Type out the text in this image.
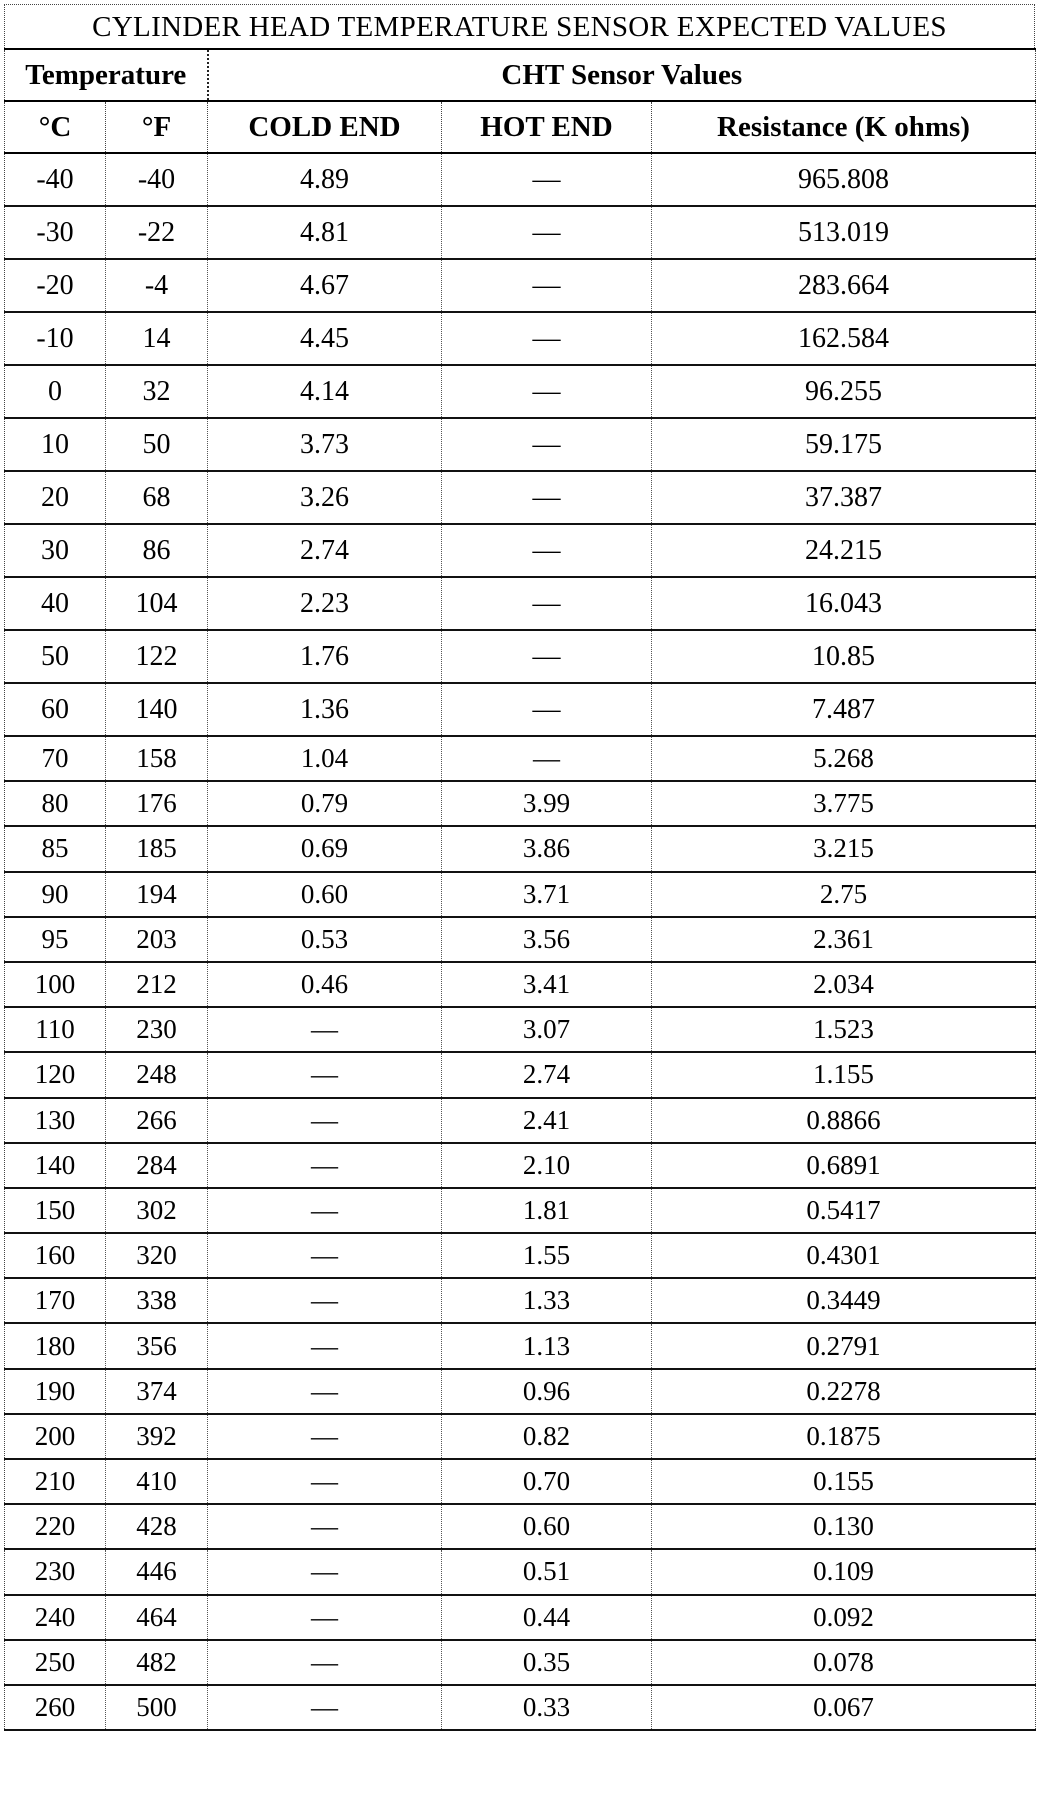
CYLINDER HEAD TEMPERATURE SENSOR EXPECTED VALUES
Temperature		CHT Sensor Values		
°C	°F	COLD END	HOT END	Resistance (K ohms)
-40	-40	4.89	—	965.808
-30	-22	4.81	—	513.019
-20	-4	4.67	—	283.664
-10	14	4.45	—	162.584
0	32	4.14	—	96.255
10	50	3.73	—	59.175
20	68	3.26	—	37.387
30	86	2.74	—	24.215
40	104	2.23	—	16.043
50	122	1.76	—	10.85
60	140	1.36	—	7.487
70	158	1.04	—	5.268
80	176	0.79	3.99	3.775
85	185	0.69	3.86	3.215
90	194	0.60	3.71	2.75
95	203	0.53	3.56	2.361
100	212	0.46	3.41	2.034
110	230	—	3.07	1.523
120	248	—	2.74	1.155
130	266	—	2.41	0.8866
140	284	—	2.10	0.6891
150	302	—	1.81	0.5417
160	320	—	1.55	0.4301
170	338	—	1.33	0.3449
180	356	—	1.13	0.2791
190	374	—	0.96	0.2278
200	392	—	0.82	0.1875
210	410	—	0.70	0.155
220	428	—	0.60	0.130
230	446	—	0.51	0.109
240	464	—	0.44	0.092
250	482	—	0.35	0.078
260	500	—	0.33	0.067
